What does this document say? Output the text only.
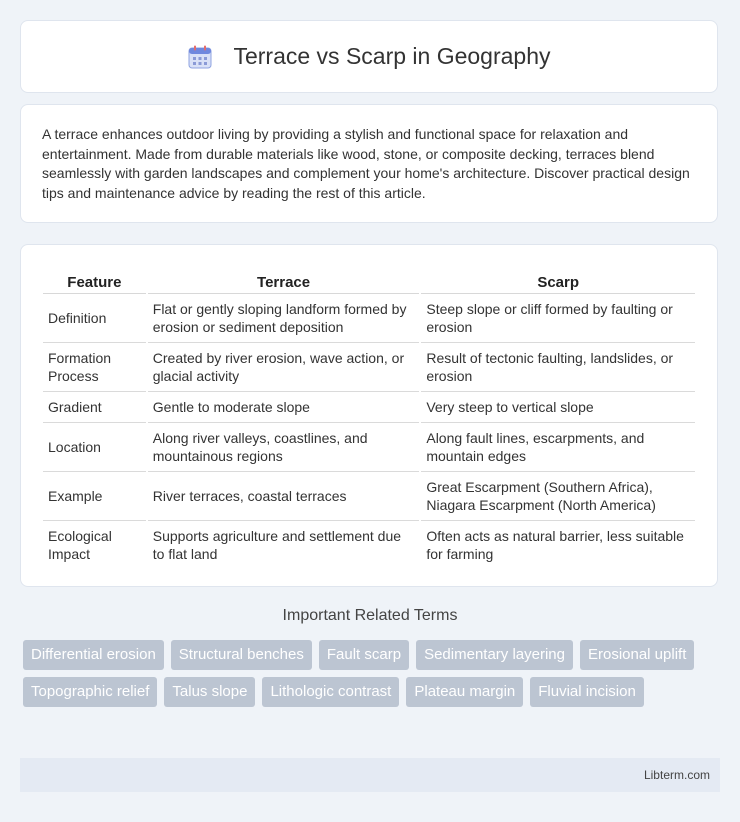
Terrace vs Scarp in Geography

A terrace enhances outdoor living by providing a stylish and functional space for relaxation and entertainment. Made from durable materials like wood, stone, or composite decking, terraces blend seamlessly with garden landscapes and complement your home's architecture. Discover practical design tips and maintenance advice by reading the rest of this article.

Feature	Terrace	Scarp
Definition	Flat or gently sloping landform formed by erosion or sediment deposition	Steep slope or cliff formed by faulting or erosion
Formation Process	Created by river erosion, wave action, or glacial activity	Result of tectonic faulting, landslides, or erosion
Gradient	Gentle to moderate slope	Very steep to vertical slope
Location	Along river valleys, coastlines, and mountainous regions	Along fault lines, escarpments, and mountain edges
Example	River terraces, coastal terraces	Great Escarpment (Southern Africa), Niagara Escarpment (North America)
Ecological Impact	Supports agriculture and settlement due to flat land	Often acts as natural barrier, less suitable for farming
Important Related Terms
Differential erosion	Structural benches	Fault scarp	Sedimentary layering	Erosional uplift
Topographic relief	Talus slope	Lithologic contrast	Plateau margin	Fluvial incision
Libterm.com
